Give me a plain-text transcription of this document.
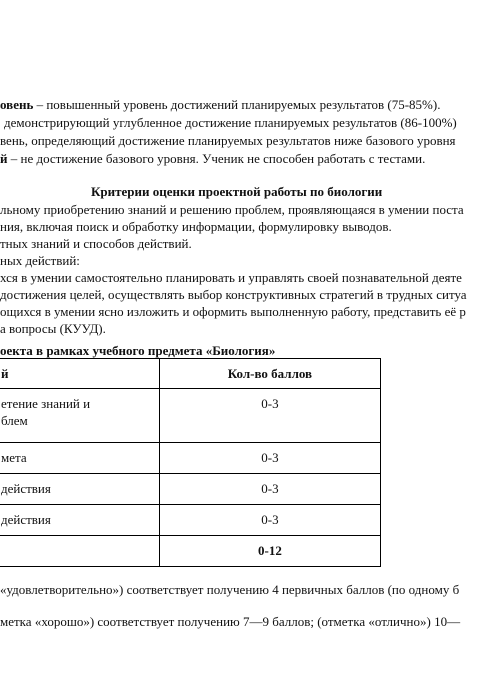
овень – повышенный уровень достижений планируемых результатов (75-85%).
демонстрирующий углубленное достижение планируемых результатов (86-100%)
вень, определяющий достижение планируемых результатов ниже базового уровня
й – не достижение базового уровня. Ученик не способен работать с тестами.
Критерии оценки проектной работы по биологии
льному приобретению знаний и решению проблем, проявляющаяся в умении поста
ния, включая поиск и обработку информации, формулировку выводов.
тных знаний и способов действий.
ных действий:
хся в умении самостоятельно планировать и управлять своей познавательной деяте
достижения целей, осуществлять выбор конструктивных стратегий в трудных ситуа
ощихся в умении ясно изложить и оформить выполненную работу, представить её р
а вопросы (КУУД).
оекта в рамках учебного предмета «Биология»
й	Кол-во баллов

етение знаний и
блем	0-3

мета	0-3

действия	0-3

действия	0-3

	0-12
«удовлетворительно») соответствует получению 4 первичных баллов (по одному б
метка «хорошо») соответствует получению 7—9 баллов; (отметка «отлично») 10—
